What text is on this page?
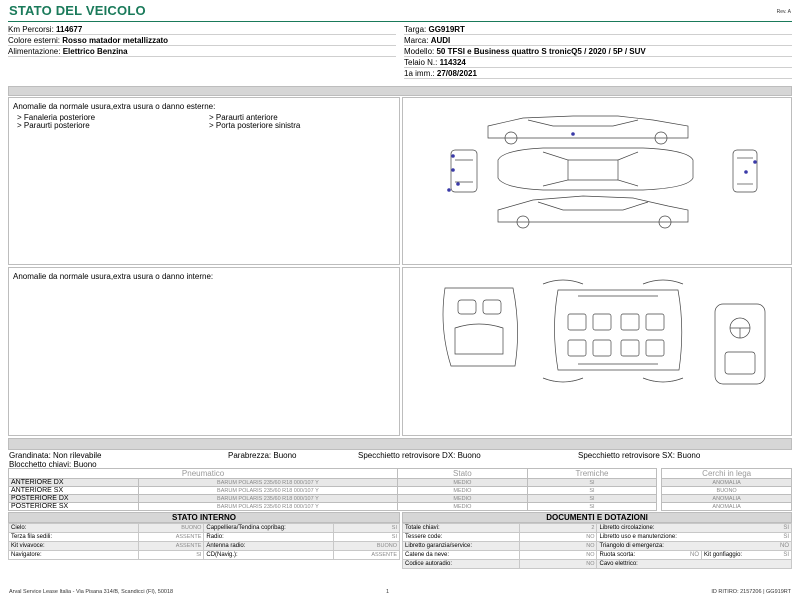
STATO DEL VEICOLO	Rev. A
Km Percorsi: 114677
Colore esterni: Rosso matador metallizzato
Alimentazione: Elettrico Benzina
Targa: GG919RT
Marca: AUDI
Modello: 50 TFSI e Business quattro S tronicQ5 / 2020 / 5P / SUV
Telaio N.: 114324
1a imm.: 27/08/2021
Anomalie da normale usura,extra usura o danno esterne:
> Fanaleria posteriore
> Paraurti posteriore
> Paraurti anteriore
> Porta posteriore sinistra
Anomalie da normale usura,extra usura o danno interne:
Grandinata: Non rilevabile
Blocchetto chiavi: Buono
Parabrezza: Buono	Specchietto retrovisore DX: Buono	Specchietto retrovisore SX: Buono
Pneumatico		Stato	Tremiche		Cerchi in lega
ANTERIORE DX	BARUM POLARIS 235/60 R18 000/107 Y	MEDIO	SI		ANOMALIA
ANTERIORE SX	BARUM POLARIS 235/60 R18 000/107 Y	MEDIO	SI		BUONO
POSTERIORE DX	BARUM POLARIS 235/60 R18 000/107 Y	MEDIO	SI		ANOMALIA
POSTERIORE SX	BARUM POLARIS 235/60 R18 000/107 Y	MEDIO	SI		ANOMALIA
STATO INTERNO	DOCUMENTI E DOTAZIONI
Cielo:	BUONO	Cappelliera/Tendina copribag:	SI
Terza fila sedili:	ASSENTE	Radio:	SI
Kit vivavoce:	ASSENTE	Antenna radio:	BUONO
Navigatore:	SI	CD(Navig.):	ASSENTE
Totale chiavi:	2	Libretto circolazione: SI	

Tessere code:	NO	Libretto uso e manutenzione: SI	

Libretto garanzia/service:	NO	Triangolo di emergenza: NO	

Catene da neve:	NO	Ruota scorta: NO	Kit gonfiaggio: SI

Codice autoradio:	NO	Cavo elettrico:	
Arval Service Lease Italia - Via Pisana 314/B, Scandicci (FI), 50018	1	ID RITIRO: 2157206 | GG919RT
